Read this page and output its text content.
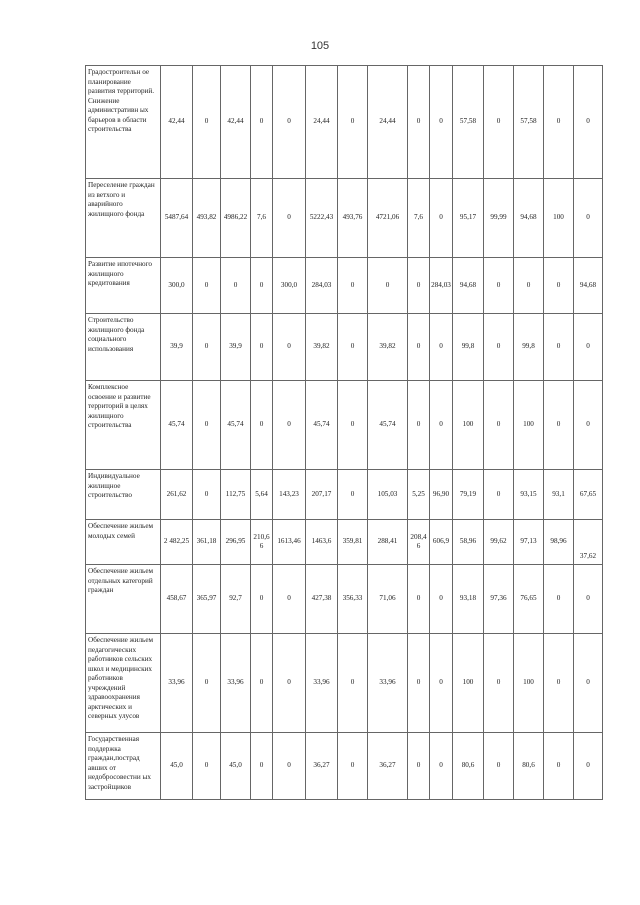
105
Градостроительн ое планирование развития территорий. Снижение административн ых барьеров в области строительства	42,44	0	42,44	0	0	24,44	0	24,44	0	0	57,58	0	57,58	0	0
Переселение граждан из ветхого и аварийного жилищного фонда	5487,64	493,82	4986,22	7,6	0	5222,43	493,76	4721,06	7,6	0	95,17	99,99	94,68	100	0
Развитие ипотечного жилищного кредитования	300,0	0	0	0	300,0	284,03	0	0	0	284,03	94,68	0	0	0	94,68
Строительство жилищного фонда социального использования	39,9	0	39,9	0	0	39,82	0	39,82	0	0	99,8	0	99,8	0	0
Комплексное освоение и развитие территорий в целях жилищного строительства	45,74	0	45,74	0	0	45,74	0	45,74	0	0	100	0	100	0	0
Индивидуальное жилищное строительство	261,62	0	112,75	5,64	143,23	207,17	0	105,03	5,25	96,90	79,19	0	93,15	93,1	67,65
Обеспечение жильем молодых семей	2 482,25	361,18	296,95	210,66	1613,46	1463,6	359,81	288,41	208,46	606,9	58,96	99,62	97,13	98,96	37,62
Обеспечение жильем отдельных категорий граждан	458,67	365,97	92,7	0	0	427,38	356,33	71,06	0	0	93,18	97,36	76,65	0	0
Обеспечение жильем педагогических работников сельских школ и медицинских работников учреждений здравоохранения арктических и северных улусов	33,96	0	33,96	0	0	33,96	0	33,96	0	0	100	0	100	0	0
Государственная поддержка граждан,пострад авших от недобросовестни ых застройщиков	45,0	0	45,0	0	0	36,27	0	36,27	0	0	80,6	0	80,6	0	0
